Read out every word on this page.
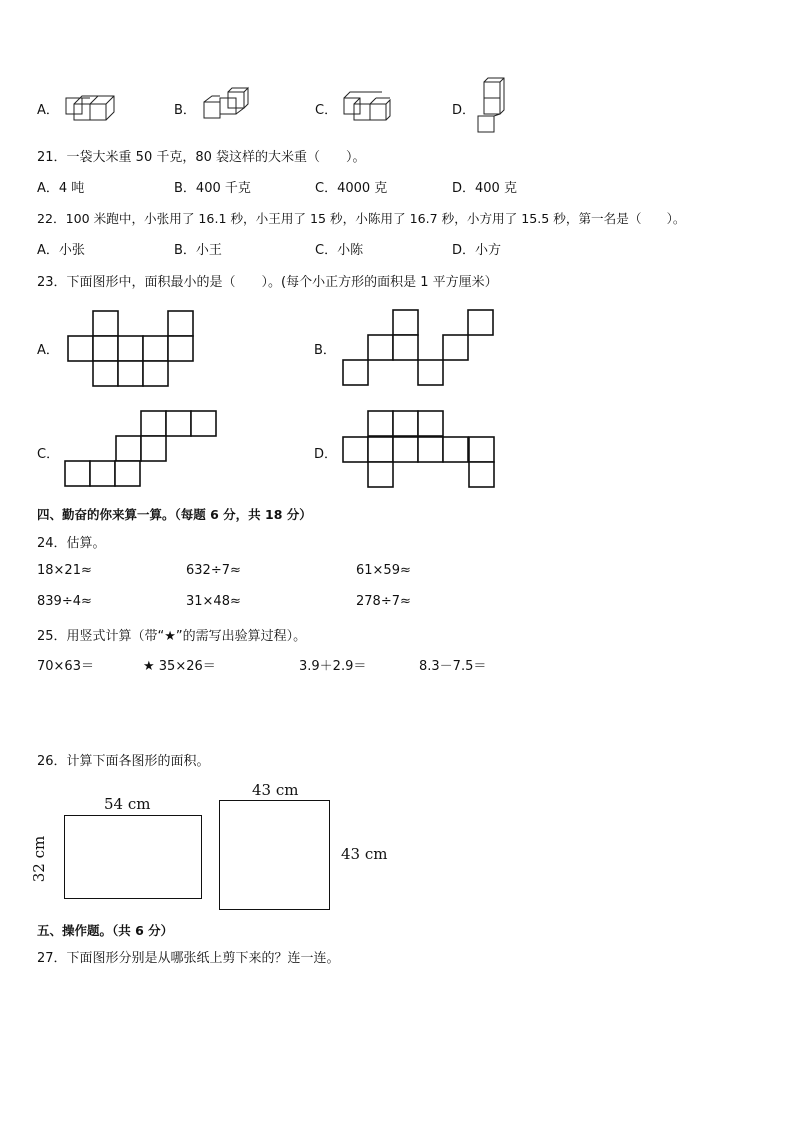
A．	B．	C．	D．
21．一袋大米重 50 千克，80 袋这样的大米重（　　）。
A．4 吨	B．400 千克	C．4000 克	D．400 克
22．100 米跑中，小张用了 16.1 秒，小王用了 15 秒，小陈用了 16.7 秒，小方用了 15.5 秒，第一名是（　　）。
A．小张	B．小王	C．小陈	D．小方
23．下面图形中，面积最小的是（　　）。(每个小正方形的面积是 1 平方厘米）
A．	B．
C．	D．
四、勤奋的你来算一算。（每题 6 分，共 18 分）
24．估算。
18×21≈	632÷7≈	61×59≈
839÷4≈	31×48≈	278÷7≈
25．用竖式计算（带“★”的需写出验算过程）。
70×63＝	★ 35×26＝	3.9＋2.9＝	8.3－7.5＝
26．计算下面各图形的面积。
54 cm
32 cm
43 cm
43 cm
五、操作题。（共 6 分）
27．下面图形分别是从哪张纸上剪下来的？连一连。
